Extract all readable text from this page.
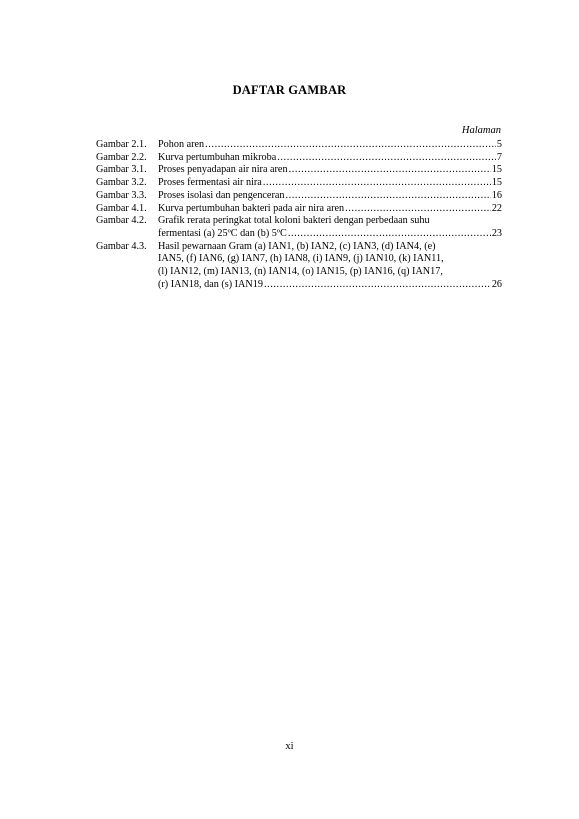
DAFTAR GAMBAR
Halaman
Gambar 2.1.	Pohon aren .....	5
Gambar 2.2.	Kurva pertumbuhan mikroba .....	7
Gambar 3.1.	Proses penyadapan air nira aren .....	15
Gambar 3.2.	Proses fermentasi air nira .....	15
Gambar 3.3.	Proses isolasi dan pengenceran .....	16
Gambar 4.1.	Kurva pertumbuhan bakteri pada air nira aren .....	22
Gambar 4.2.	Grafik rerata peringkat total koloni bakteri dengan perbedaan suhu
fermentasi (a) 25ºC dan (b) 5ºC .....	23
Gambar 4.3.	Hasil pewarnaan Gram (a) IAN1, (b) IAN2, (c) IAN3, (d) IAN4, (e)
IAN5, (f) IAN6, (g) IAN7, (h) IAN8, (i) IAN9, (j) IAN10, (k) IAN11,
(l) IAN12, (m) IAN13, (n) IAN14, (o) IAN15, (p) IAN16, (q) IAN17,
(r) IAN18, dan (s) IAN19 .....	26
xi
